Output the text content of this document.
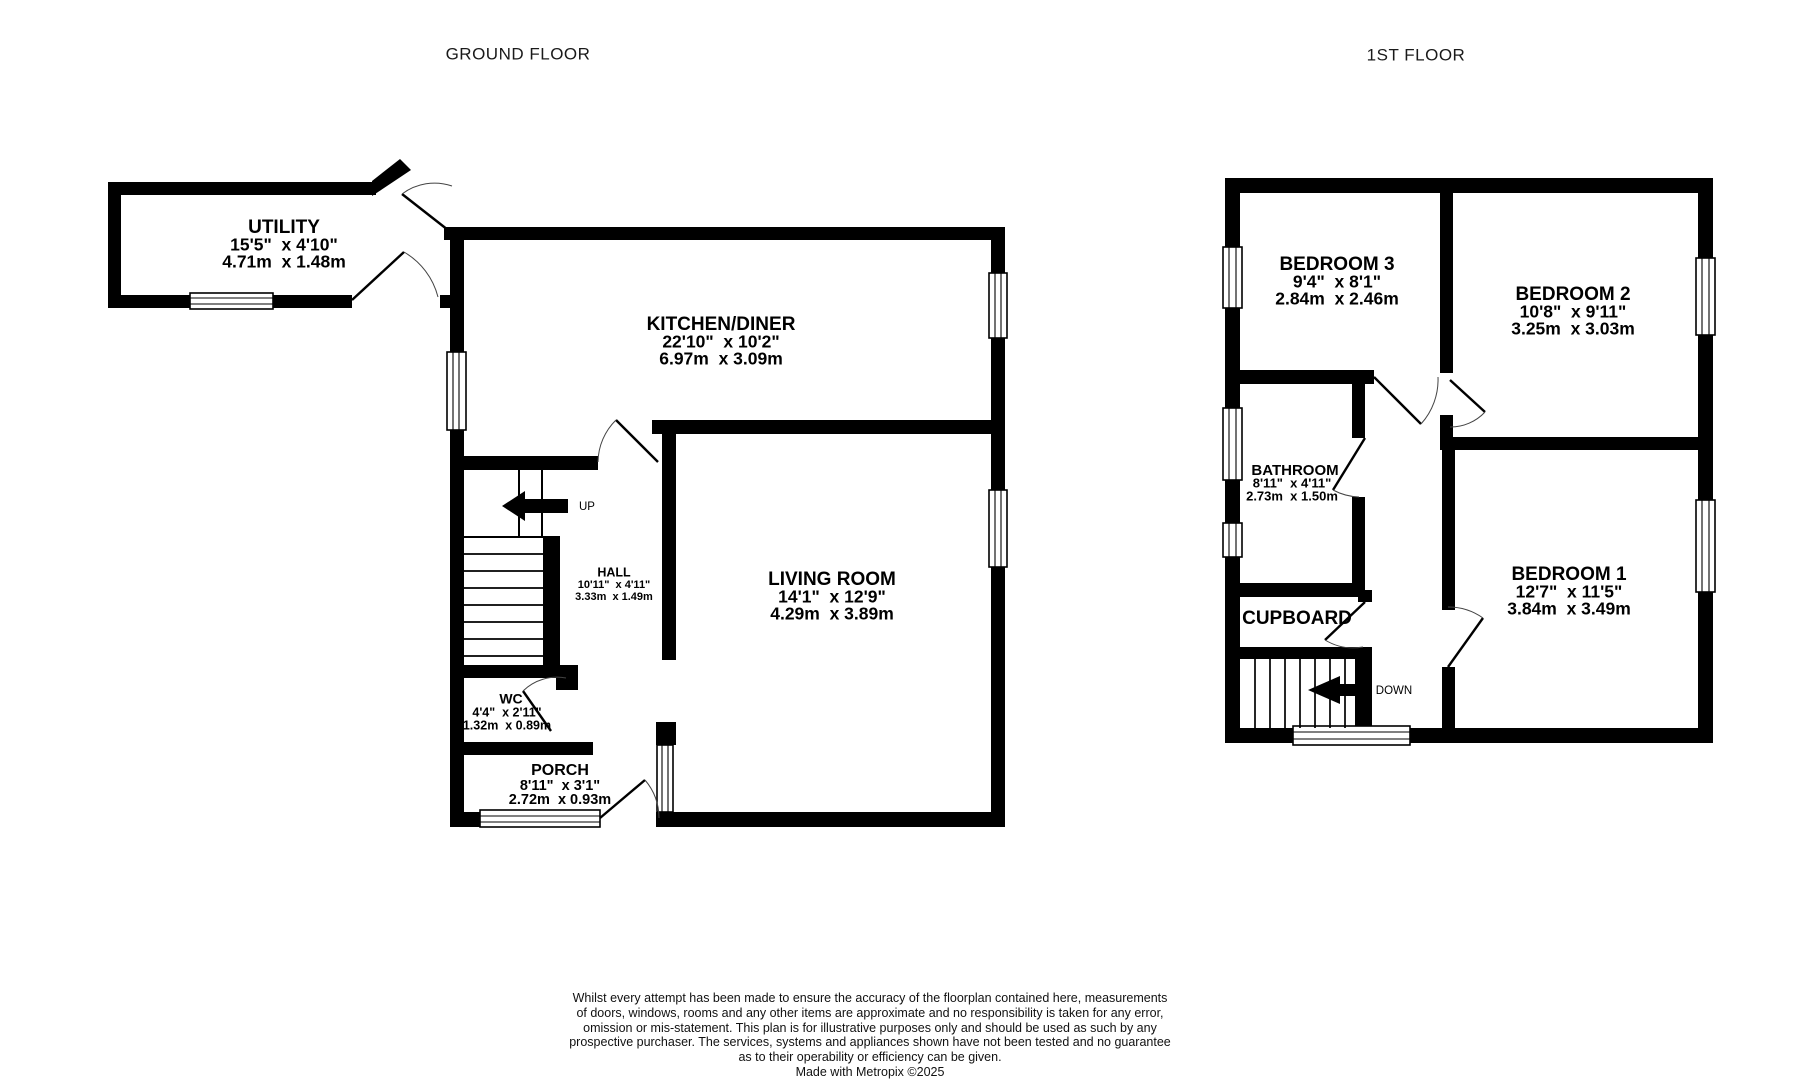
GROUND FLOOR	1ST FLOOR
UP
UTILITY
15'5"  x 4'10"
4.71m  x 1.48m
KITCHEN/DINER
22'10"  x 10'2"
6.97m  x 3.09m
LIVING ROOM
14'1"  x 12'9"
4.29m  x 3.89m
HALL
10'11"  x 4'11"
3.33m  x 1.49m
WC
4'4"  x 2'11"
1.32m  x 0.89m
PORCH
8'11"  x 3'1"
2.72m  x 0.93m
DOWN
BEDROOM 3
9'4"  x 8'1"
2.84m  x 2.46m	BEDROOM 2
10'8"  x 9'11"
3.25m  x 3.03m
BEDROOM 1
12'7"  x 11'5"
3.84m  x 3.49m
BATHROOM
8'11"  x 4'11"
2.73m  x 1.50m
CUPBOARD
Whilst every attempt has been made to ensure the accuracy of the floorplan contained here, measurements
of doors, windows, rooms and any other items are approximate and no responsibility is taken for any error,
omission or mis-statement. This plan is for illustrative purposes only and should be used as such by any
prospective purchaser. The services, systems and appliances shown have not been tested and no guarantee
as to their operability or efficiency can be given.
Made with Metropix ©2025
